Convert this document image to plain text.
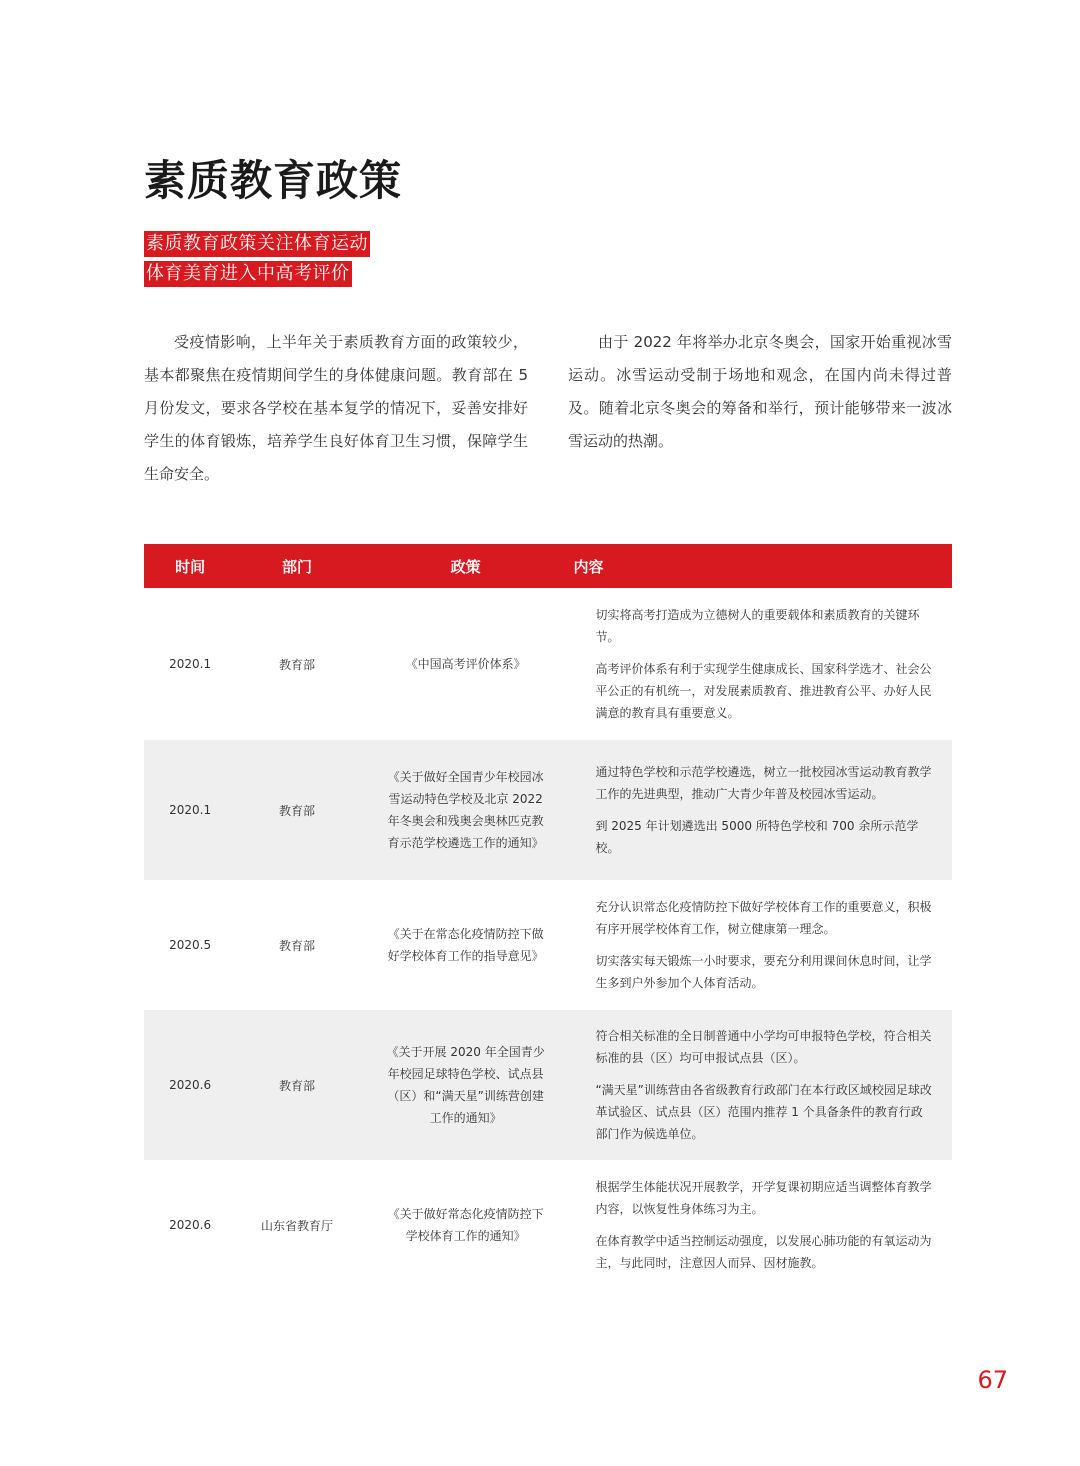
素质教育政策
素质教育政策关注体育运动
体育美育进入中高考评价

受疫情影响，上半年关于素质教育方面的政策较少，基本都聚焦在疫情期间学生的身体健康问题。教育部在 5 月份发文，要求各学校在基本复学的情况下，妥善安排好学生的体育锻炼，培养学生良好体育卫生习惯，保障学生生命安全。

由于 2022 年将举办北京冬奥会，国家开始重视冰雪运动。冰雪运动受制于场地和观念，在国内尚未得过普及。随着北京冬奥会的筹备和举行，预计能够带来一波冰雪运动的热潮。

时间	部门	政策	内容
2020.1	教育部	《中国高考评价体系》	切实将高考打造成为立德树人的重要载体和素质教育的关键环节。

高考评价体系有利于实现学生健康成长、国家科学选才、社会公平公正的有机统一，对发展素质教育、推进教育公平、办好人民满意的教育具有重要意义。

2020.1	教育部	《关于做好全国青少年校园冰雪运动特色学校及北京 2022 年冬奥会和残奥会奥林匹克教育示范学校遴选工作的通知》	通过特色学校和示范学校遴选，树立一批校园冰雪运动教育教学工作的先进典型，推动广大青少年普及校园冰雪运动。

到 2025 年计划遴选出 5000 所特色学校和 700 余所示范学校。

2020.5	教育部	《关于在常态化疫情防控下做好学校体育工作的指导意见》	充分认识常态化疫情防控下做好学校体育工作的重要意义，积极有序开展学校体育工作，树立健康第一理念。

切实落实每天锻炼一小时要求，要充分利用课间休息时间，让学生多到户外参加个人体育活动。

2020.6	教育部	《关于开展 2020 年全国青少年校园足球特色学校、试点县（区）和“满天星”训练营创建工作的通知》	符合相关标准的全日制普通中小学均可申报特色学校，符合相关标准的县（区）均可申报试点县（区）。

“满天星”训练营由各省级教育行政部门在本行政区域校园足球改革试验区、试点县（区）范围内推荐 1 个具备条件的教育行政部门作为候选单位。

2020.6	山东省教育厅	《关于做好常态化疫情防控下学校体育工作的通知》	根据学生体能状况开展教学，开学复课初期应适当调整体育教学内容，以恢复性身体练习为主。

在体育教学中适当控制运动强度，以发展心肺功能的有氧运动为主，与此同时，注意因人而异、因材施教。

67
